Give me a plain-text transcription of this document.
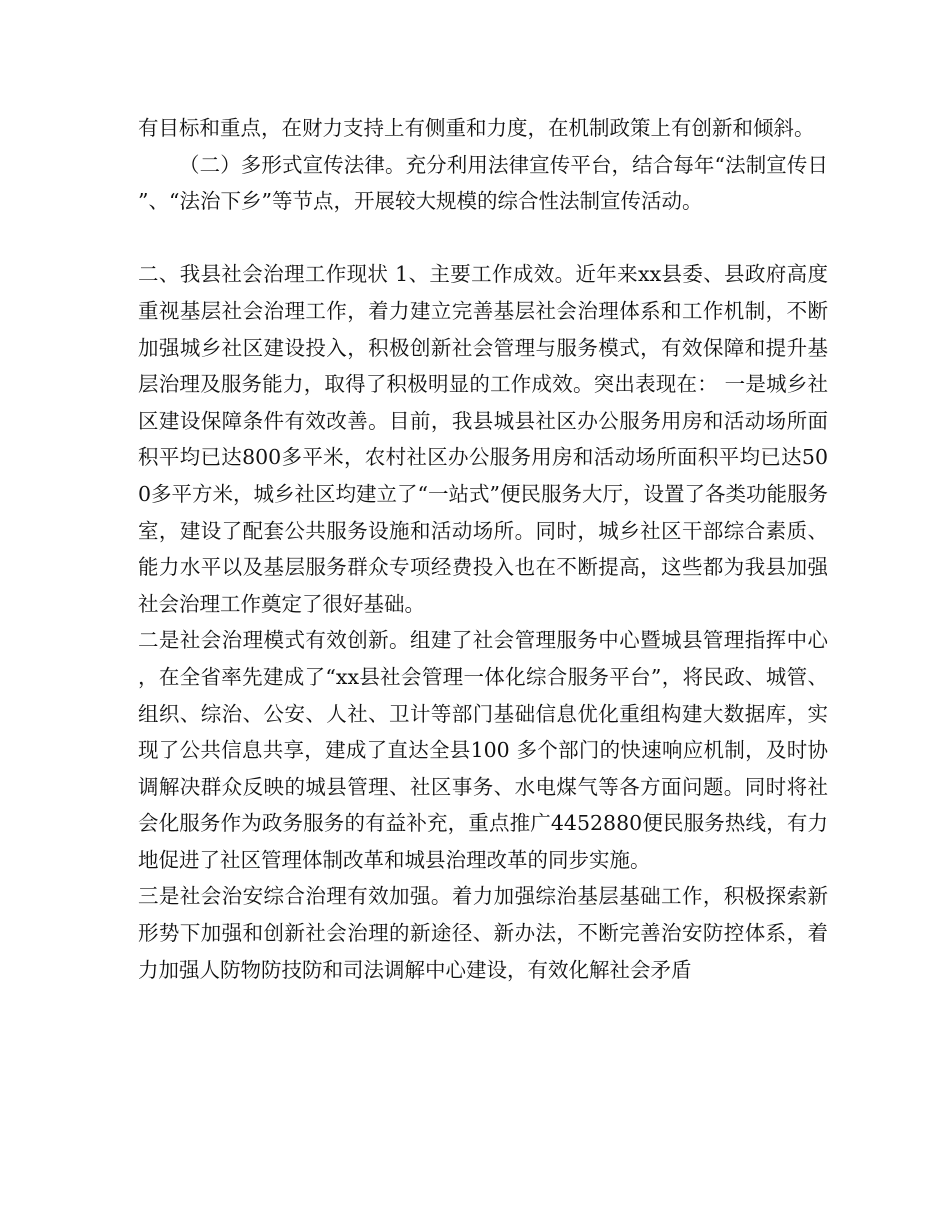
有目标和重点，在财力支持上有侧重和力度，在机制政策上有创新和倾斜。

（二）多形式宣传法律。充分利用法律宣传平台，结合每年“法制宣传日”、“法治下乡”等节点，开展较大规模的综合性法制宣传活动。

二、我县社会治理工作现状 1、主要工作成效。近年来xx县委、县政府高度重视基层社会治理工作，着力建立完善基层社会治理体系和工作机制，不断加强城乡社区建设投入，积极创新社会管理与服务模式，有效保障和提升基层治理及服务能力，取得了积极明显的工作成效。突出表现在： 一是城乡社区建设保障条件有效改善。目前，我县城县社区办公服务用房和活动场所面积平均已达800多平米，农村社区办公服务用房和活动场所面积平均已达500多平方米，城乡社区均建立了“一站式”便民服务大厅，设置了各类功能服务室，建设了配套公共服务设施和活动场所。同时，城乡社区干部综合素质、能力水平以及基层服务群众专项经费投入也在不断提高，这些都为我县加强社会治理工作奠定了很好基础。

二是社会治理模式有效创新。组建了社会管理服务中心暨城县管理指挥中心，在全省率先建成了“xx县社会管理一体化综合服务平台”，将民政、城管、组织、综治、公安、人社、卫计等部门基础信息优化重组构建大数据库，实现了公共信息共享，建成了直达全县100 多个部门的快速响应机制，及时协调解决群众反映的城县管理、社区事务、水电煤气等各方面问题。同时将社会化服务作为政务服务的有益补充，重点推广4452880便民服务热线，有力地促进了社区管理体制改革和城县治理改革的同步实施。

三是社会治安综合治理有效加强。着力加强综治基层基础工作，积极探索新形势下加强和创新社会治理的新途径、新办法，不断完善治安防控体系，着力加强人防物防技防和司法调解中心建设，有效化解社会矛盾
